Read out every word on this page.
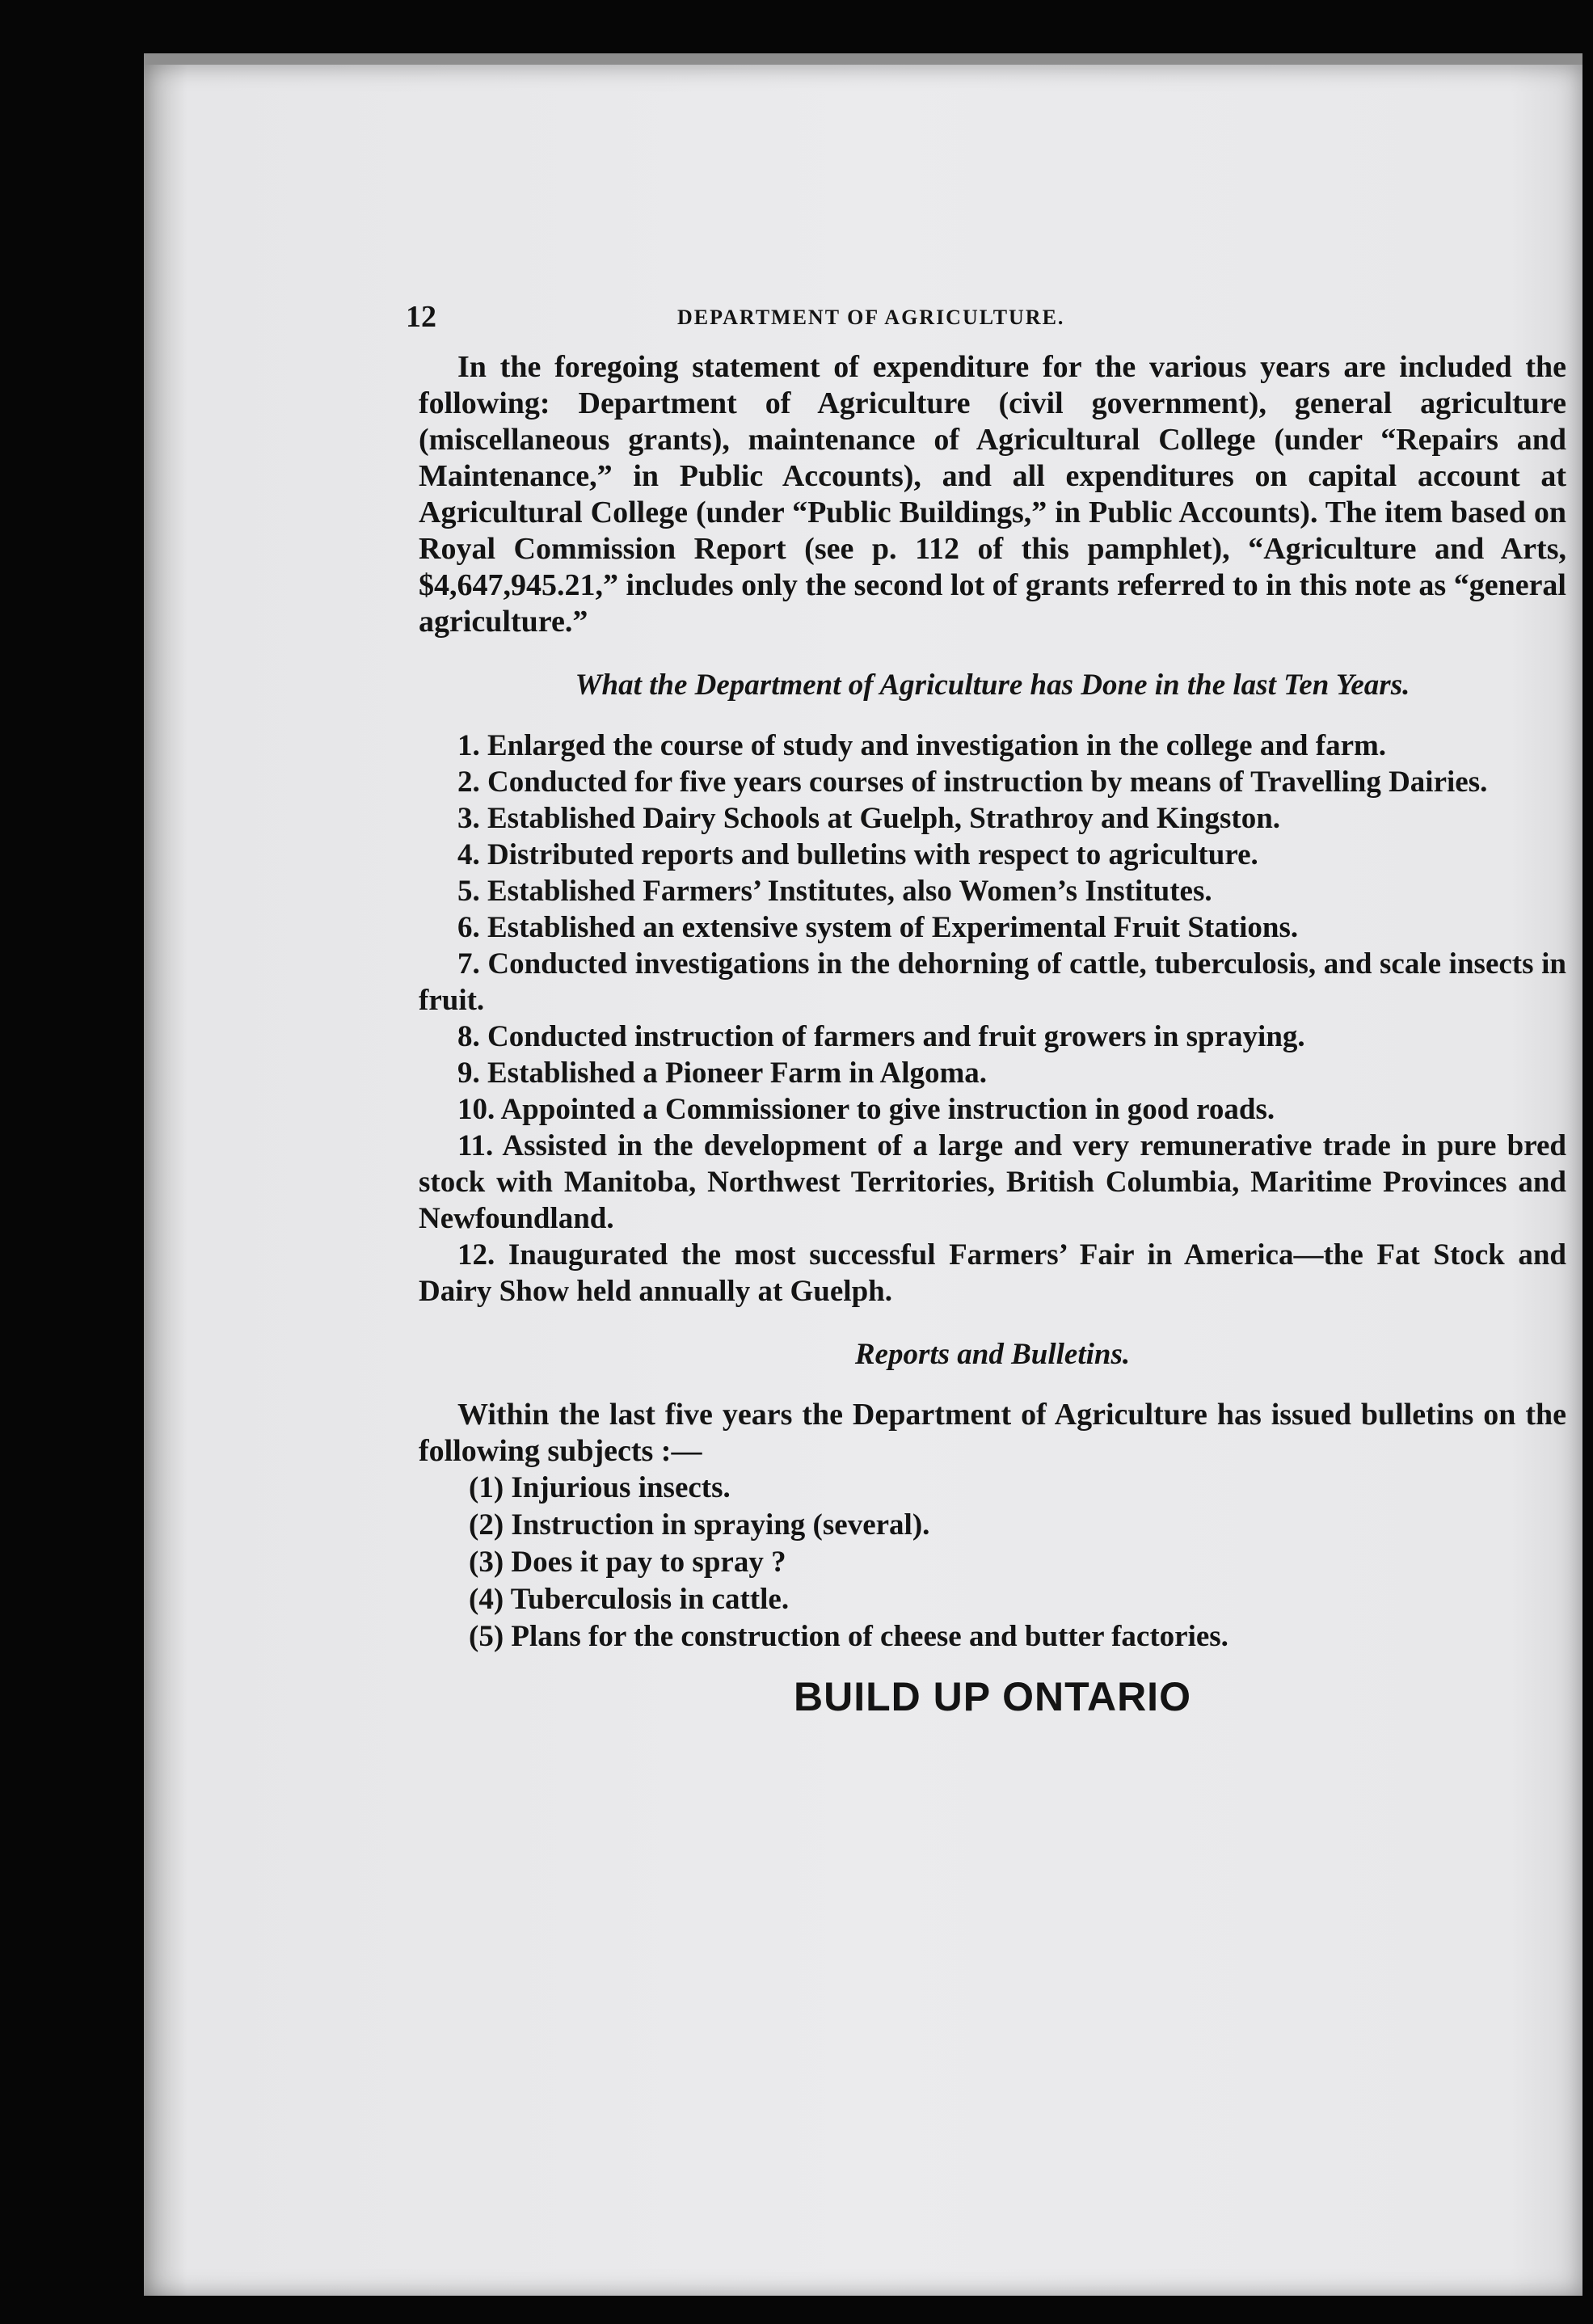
12	DEPARTMENT OF AGRICULTURE.

In the foregoing statement of expenditure for the various years are included the following: Department of Agriculture (civil government), general agriculture (miscellaneous grants), maintenance of Agricultural College (under “Repairs and Maintenance,” in Public Accounts), and all expenditures on capital account at Agricultural College (under “Public Buildings,” in Public Accounts). The item based on Royal Commission Report (see p. 112 of this pamphlet), “Agriculture and Arts, $4,647,945.21,” includes only the second lot of grants referred to in this note as “general agriculture.”

What the Department of Agriculture has Done in the last Ten Years.
1. Enlarged the course of study and investigation in the college and farm.
2. Conducted for five years courses of instruction by means of Travelling Dairies.
3. Established Dairy Schools at Guelph, Strathroy and Kingston.
4. Distributed reports and bulletins with respect to agriculture.
5. Established Farmers’ Institutes, also Women’s Institutes.
6. Established an extensive system of Experimental Fruit Stations.
7. Conducted investigations in the dehorning of cattle, tuberculosis, and scale insects in fruit.
8. Conducted instruction of farmers and fruit growers in spraying.
9. Established a Pioneer Farm in Algoma.
10. Appointed a Commissioner to give instruction in good roads.
11. Assisted in the development of a large and very remunerative trade in pure bred stock with Manitoba, Northwest Territories, British Columbia, Maritime Provinces and Newfoundland.
12. Inaugurated the most successful Farmers’ Fair in America—the Fat Stock and Dairy Show held annually at Guelph.
Reports and Bulletins.

Within the last five years the Department of Agriculture has issued bulletins on the following subjects :—

(1) Injurious insects.
(2) Instruction in spraying (several).
(3) Does it pay to spray ?
(4) Tuberculosis in cattle.
(5) Plans for the construction of cheese and butter factories.
BUILD UP ONTARIO
